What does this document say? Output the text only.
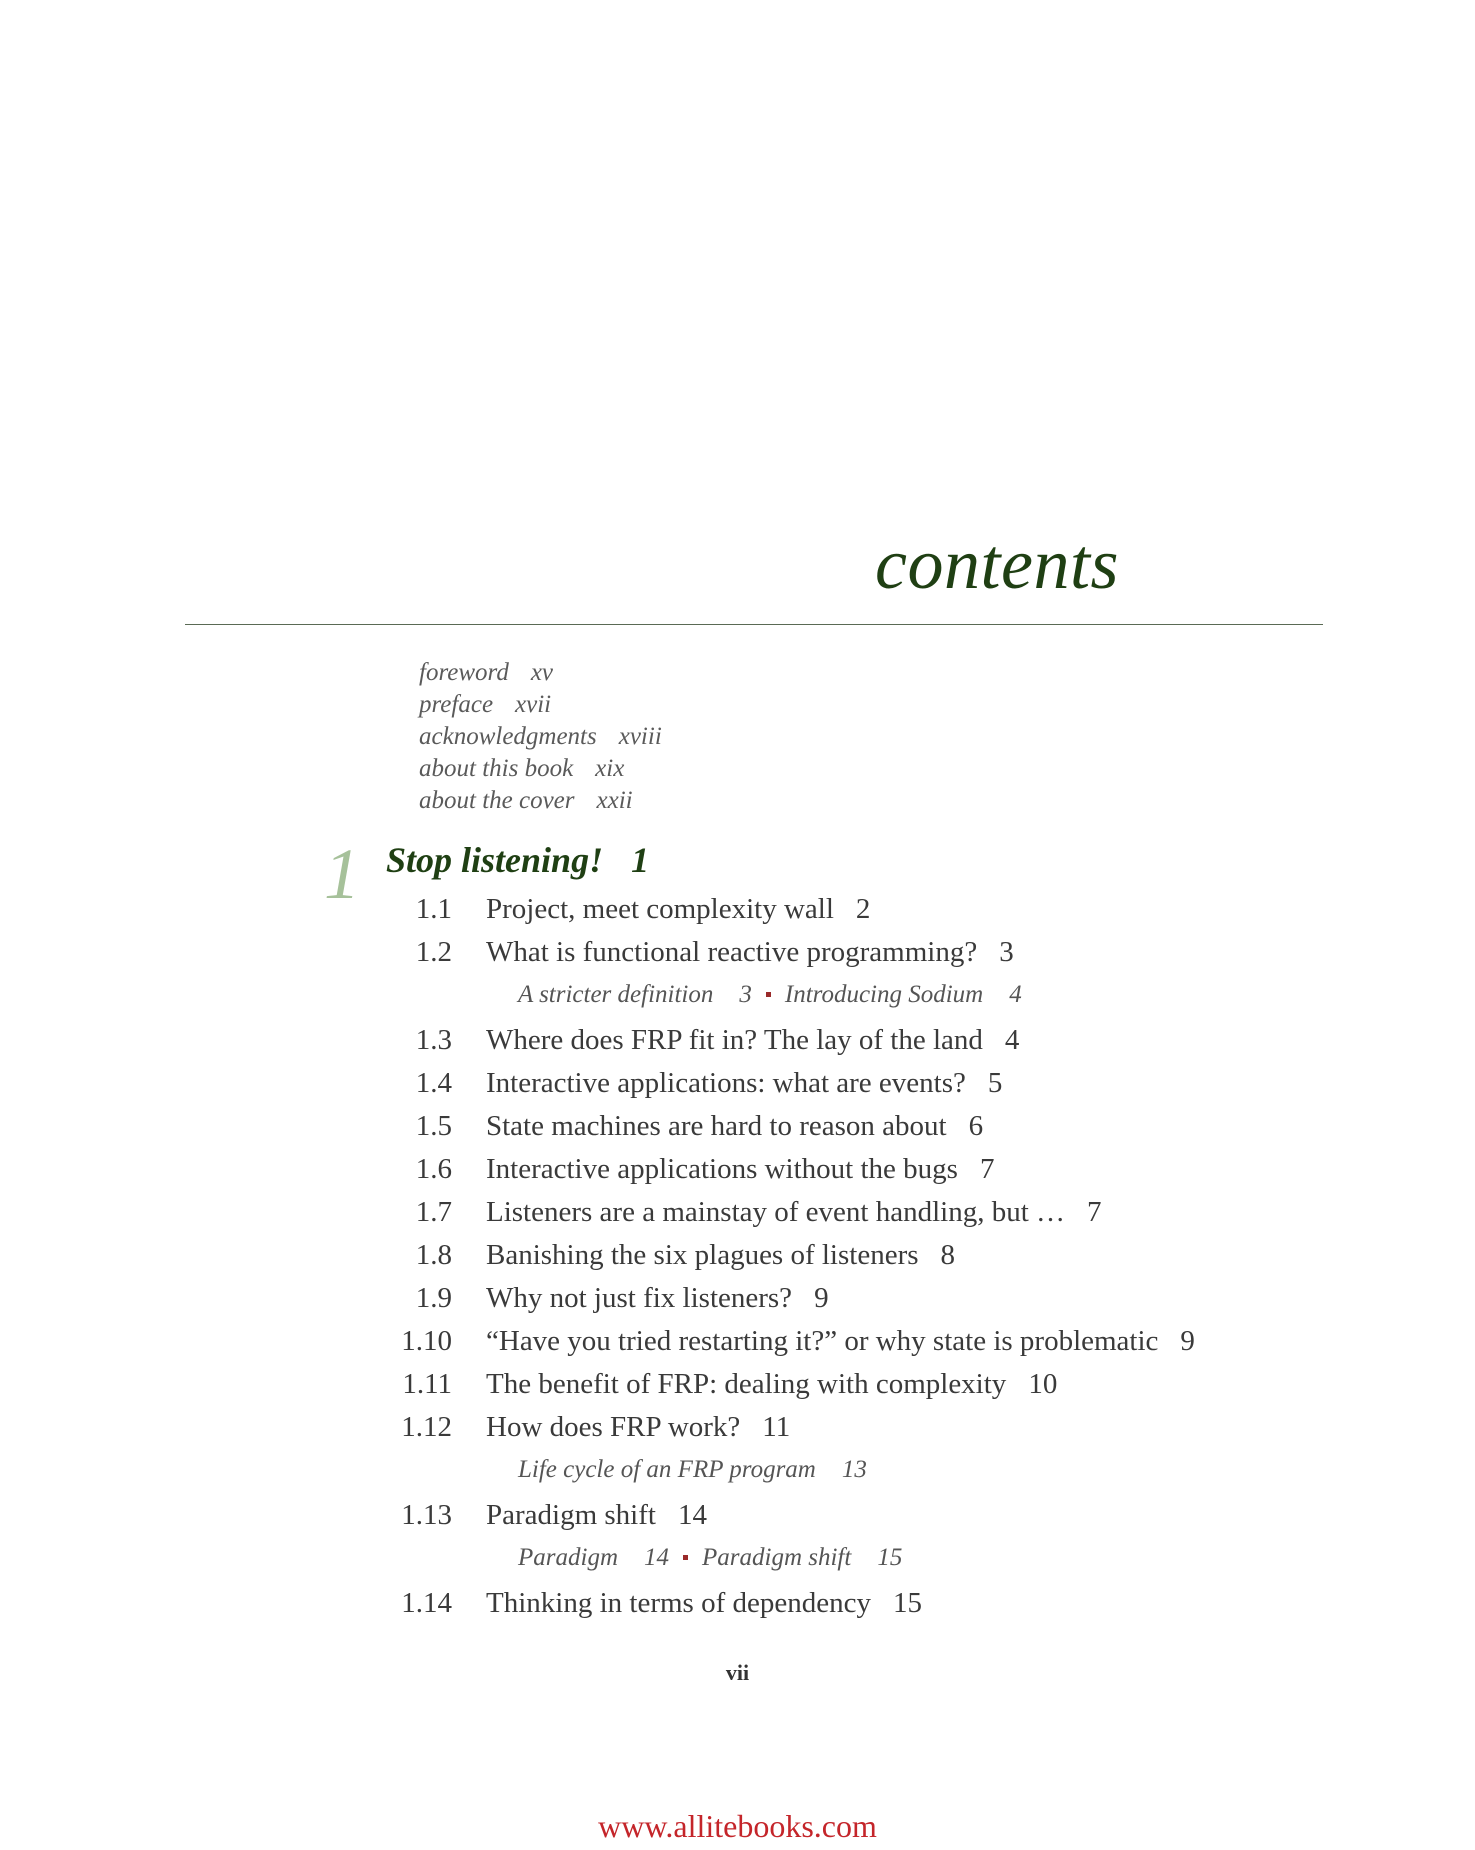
contents
foreword xv
preface xvii
acknowledgments xviii
about this book xix
about the cover xxii
1 Stop listening! 1
1.1 Project, meet complexity wall 2
1.2 What is functional reactive programming? 3
A stricter definition 3 Introducing Sodium 4
1.3 Where does FRP fit in? The lay of the land 4
1.4 Interactive applications: what are events? 5
1.5 State machines are hard to reason about 6
1.6 Interactive applications without the bugs 7
1.7 Listeners are a mainstay of event handling, but … 7
1.8 Banishing the six plagues of listeners 8
1.9 Why not just fix listeners? 9
1.10 “Have you tried restarting it?” or why state is problematic 9
1.11 The benefit of FRP: dealing with complexity 10
1.12 How does FRP work? 11
Life cycle of an FRP program 13
1.13 Paradigm shift 14
Paradigm 14 Paradigm shift 15
1.14 Thinking in terms of dependency 15
vii
www.allitebooks.com
